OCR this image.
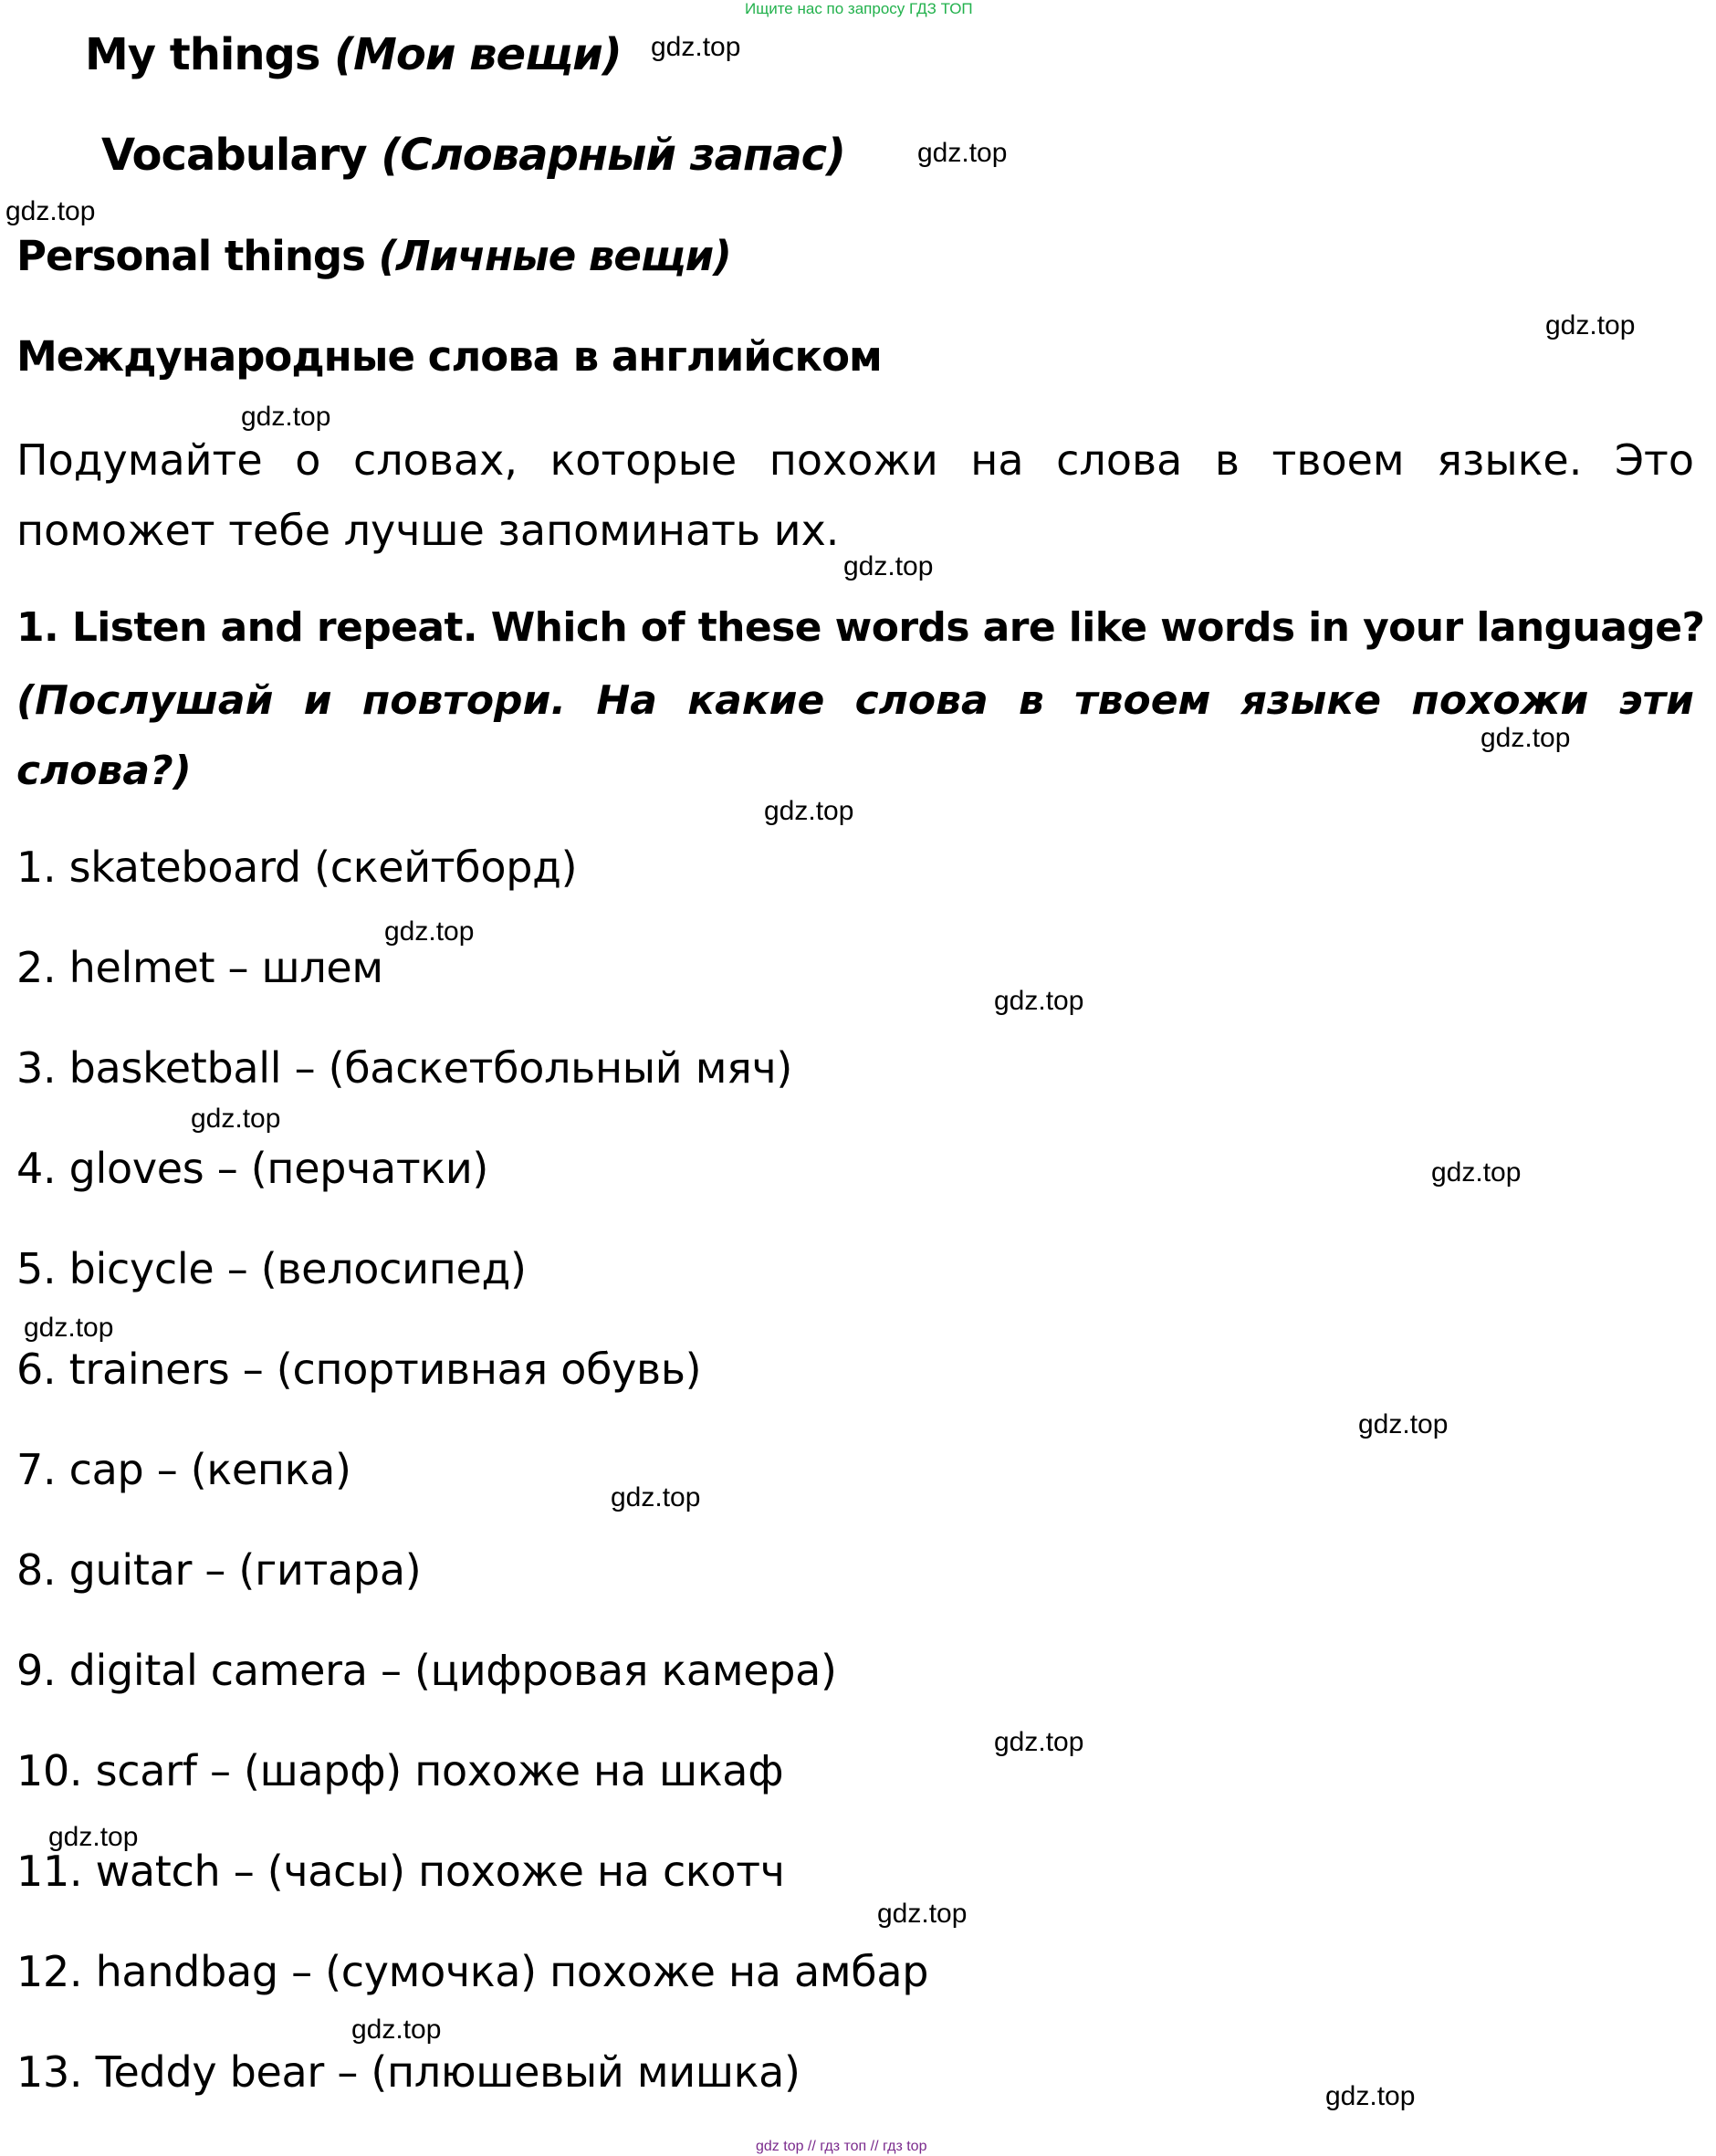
Ищите нас по запросу ГДЗ ТОП
My things (Мои вещи)
Vocabulary (Словарный запас)
Personal things (Личные вещи)
Международные слова в английском
Подумайте о словах, которые похожи на слова в твоем языке. Это
поможет тебе лучше запоминать их.
1. Listen and repeat. Which of these words are like words in your language?
(Послушай и повтори. На какие слова в твоем языке похожи эти
слова?)
1. skateboard (скейтборд)
2. helmet – шлем
3. basketball – (баскетбольный мяч)
4. gloves – (перчатки)
5. bicycle – (велосипед)
6. trainers – (спортивная обувь)
7. cap – (кепка)
8. guitar – (гитара)
9. digital camera – (цифровая камера)
10. scarf – (шарф) похоже на шкаф
11. watch – (часы) похоже на скотч
12. handbag – (сумочка) похоже на амбар
13. Teddy bear – (плюшевый мишка)
gdz.top
gdz.top
gdz.top
gdz.top
gdz.top
gdz.top
gdz.top
gdz.top
gdz.top
gdz.top
gdz.top
gdz.top
gdz.top
gdz.top
gdz.top
gdz.top
gdz.top
gdz.top
gdz.top
gdz.top
gdz top // гдз топ // гдз top
